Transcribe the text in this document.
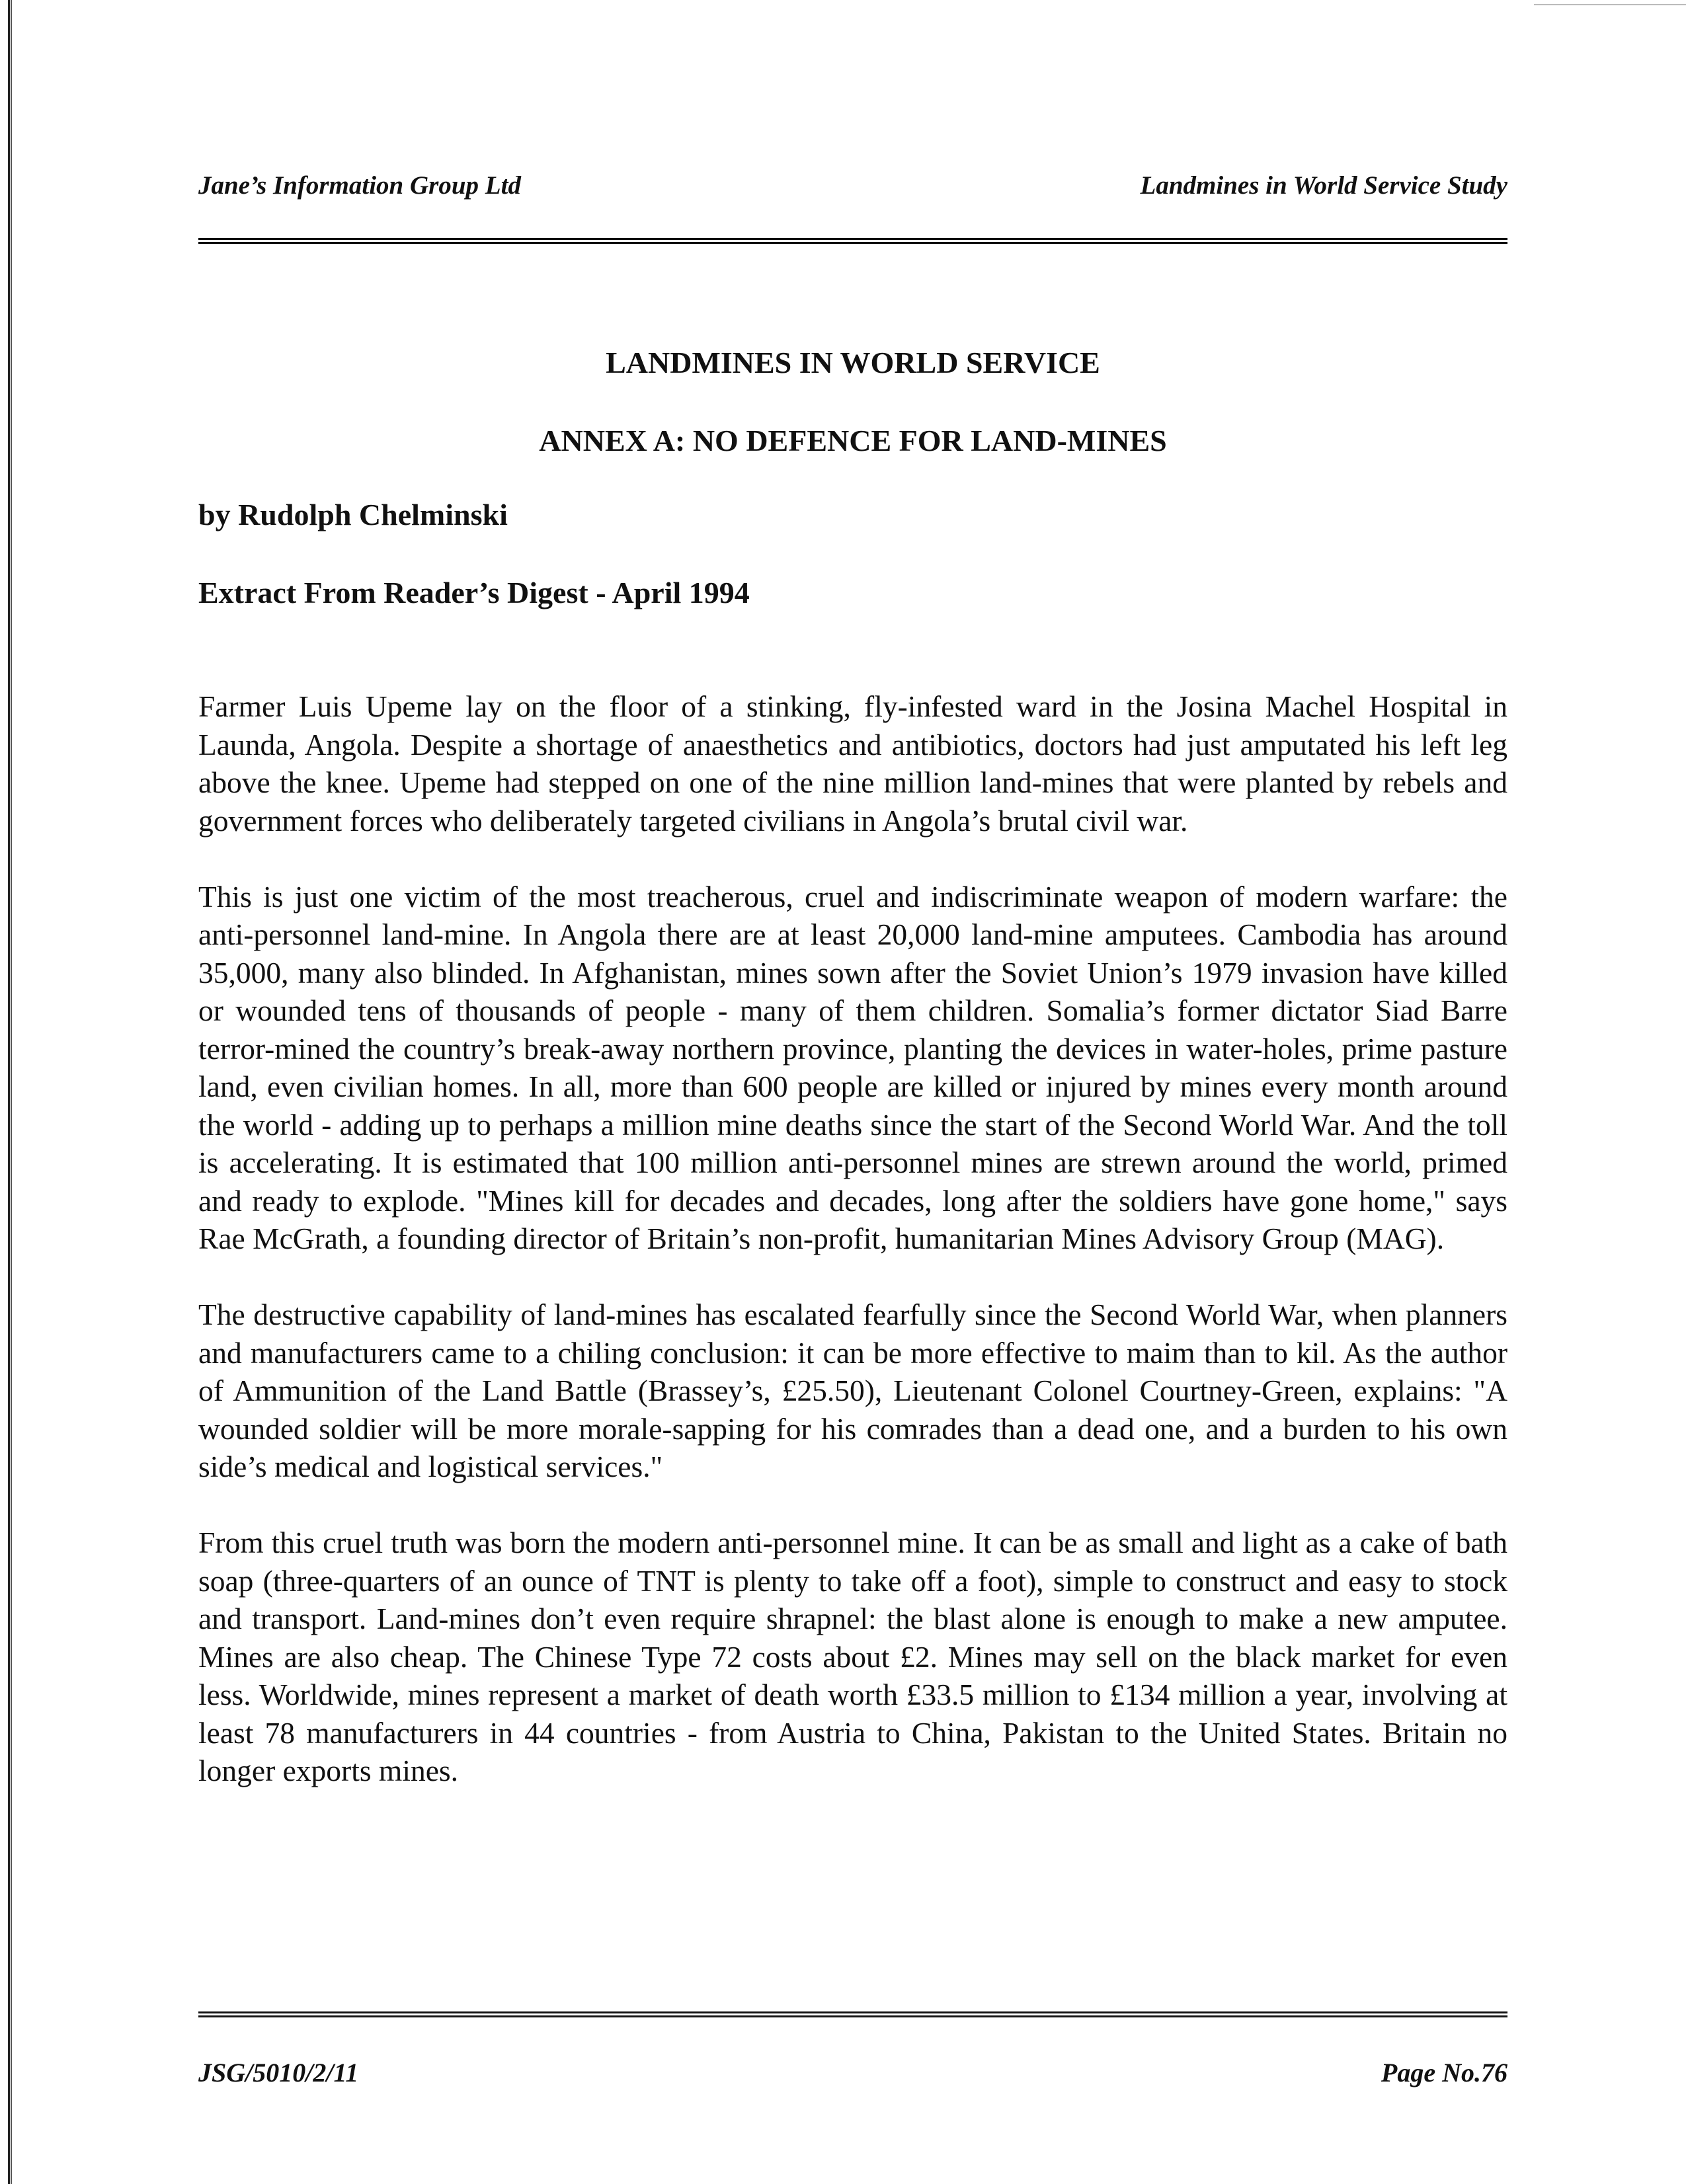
Jane’s Information Group Ltd	Landmines in World Service Study
LANDMINES IN WORLD SERVICE
ANNEX A: NO DEFENCE FOR LAND-MINES
by Rudolph Chelminski
Extract From Reader’s Digest - April 1994

Farmer Luis Upeme lay on the floor of a stinking, fly-infested ward in the Josina Machel Hospital in Launda, Angola. Despite a shortage of anaesthetics and antibiotics, doctors had just amputated his left leg above the knee. Upeme had stepped on one of the nine million land-mines that were planted by rebels and government forces who deliberately targeted civilians in Angola’s brutal civil war.

This is just one victim of the most treacherous, cruel and indiscriminate weapon of modern warfare: the anti-personnel land-mine. In Angola there are at least 20,000 land-mine amputees. Cambodia has around 35,000, many also blinded. In Afghanistan, mines sown after the Soviet Union’s 1979 invasion have killed or wounded tens of thousands of people - many of them children. Somalia’s former dictator Siad Barre terror-mined the country’s break-away northern province, planting the devices in water-holes, prime pasture land, even civilian homes. In all, more than 600 people are killed or injured by mines every month around the world - adding up to perhaps a million mine deaths since the start of the Second World War. And the toll is accelerating. It is estimated that 100 million anti-personnel mines are strewn around the world, primed and ready to explode. "Mines kill for decades and decades, long after the soldiers have gone home," says Rae McGrath, a founding director of Britain’s non-profit, humanitarian Mines Advisory Group (MAG).

The destructive capability of land-mines has escalated fearfully since the Second World War, when planners and manufacturers came to a chiling conclusion: it can be more effective to maim than to kil. As the author of Ammunition of the Land Battle (Brassey’s, £25.50), Lieutenant Colonel Courtney-Green, explains: "A wounded soldier will be more morale-sapping for his comrades than a dead one, and a burden to his own side’s medical and logistical services."

From this cruel truth was born the modern anti-personnel mine. It can be as small and light as a cake of bath soap (three-quarters of an ounce of TNT is plenty to take off a foot), simple to construct and easy to stock and transport. Land-mines don’t even require shrapnel: the blast alone is enough to make a new amputee. Mines are also cheap. The Chinese Type 72 costs about £2. Mines may sell on the black market for even less. Worldwide, mines represent a market of death worth £33.5 million to £134 million a year, involving at least 78 manufacturers in 44 countries - from Austria to China, Pakistan to the United States. Britain no longer exports mines.

JSG/5010/2/11	Page No.76
